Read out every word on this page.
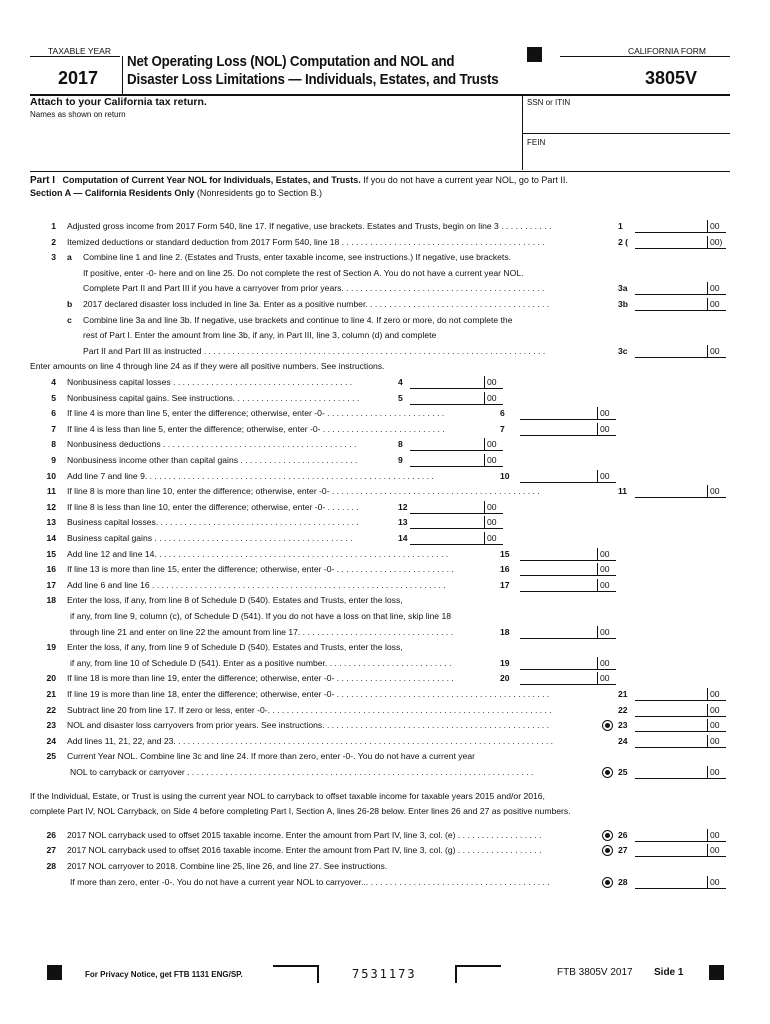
TAXABLE YEAR
2017
Net Operating Loss (NOL) Computation and NOL and
Disaster Loss Limitations — Individuals, Estates, and Trusts
CALIFORNIA FORM
3805V
Attach to your California tax return.
Names as shown on return
SSN or ITIN
FEIN
Part I Computation of Current Year NOL for Individuals, Estates, and Trusts. If you do not have a current year NOL, go to Part II.
Section A — California Residents Only (Nonresidents go to Section B.)
1 Adjusted gross income from 2017 Form 540, line 17. If negative, use brackets. Estates and Trusts, begin on line 3 . . . . . . . . . . .	1	00
2 Itemized deductions or standard deduction from 2017 Form 540, line 18 . . . . . . . . . . . . . . . . . . . . . . . . . . . . . . . . . . . . . . . . . . .	2 (	00)
3 a Combine line 1 and line 2. (Estates and Trusts, enter taxable income, see instructions.) If negative, use brackets.
If positive, enter -0- here and on line 25. Do not complete the rest of Section A. You do not have a current year NOL.
Complete Part II and Part III if you have a carryover from prior years. . . . . . . . . . . . . . . . . . . . . . . . . . . . . . . . . . . . . . . . . . .	3a	00
b 2017 declared disaster loss included in line 3a. Enter as a positive number. . . . . . . . . . . . . . . . . . . . . . . . . . . . . . . . . . . . . . .	3b	00
c Combine line 3a and line 3b. If negative, use brackets and continue to line 4. If zero or more, do not complete the
rest of Part I. Enter the amount from line 3b, if any, in Part III, line 3, column (d) and complete
Part II and Part III as instructed . . . . . . . . . . . . . . . . . . . . . . . . . . . . . . . . . . . . . . . . . . . . . . . . . . . . . . . . . . . . . . . . . . . . . . . .	3c	00
Enter amounts on line 4 through line 24 as if they were all positive numbers. See instructions.
4 Nonbusiness capital losses . . . . . . . . . . . . . . . . . . . . . . . . . . . . . . . . . . . . . .	4	00
5 Nonbusiness capital gains. See instructions. . . . . . . . . . . . . . . . . . . . . . . . . . .	5	00
6 If line 4 is more than line 5, enter the difference; otherwise, enter -0- . . . . . . . . . . . . . . . . . . . . . . . . .	6	00
7 If line 4 is less than line 5, enter the difference; otherwise, enter -0- . . . . . . . . . . . . . . . . . . . . . . . . . .	7	00
8 Nonbusiness deductions . . . . . . . . . . . . . . . . . . . . . . . . . . . . . . . . . . . . . . . . .	8	00
9 Nonbusiness income other than capital gains . . . . . . . . . . . . . . . . . . . . . . . . .	9	00
10 Add line 7 and line 9. . . . . . . . . . . . . . . . . . . . . . . . . . . . . . . . . . . . . . . . . . . . . . . . . . . . . . . . . . . . .	10	00
11 If line 8 is more than line 10, enter the difference; otherwise, enter -0- . . . . . . . . . . . . . . . . . . . . . . . . . . . . . . . . . . . . . . . . . . . .	11	00
12 If line 8 is less than line 10, enter the difference; otherwise, enter -0- . . . . . . .	12	00
13 Business capital losses. . . . . . . . . . . . . . . . . . . . . . . . . . . . . . . . . . . . . . . . . . .	13	00
14 Business capital gains . . . . . . . . . . . . . . . . . . . . . . . . . . . . . . . . . . . . . . . . . .	14	00
15 Add line 12 and line 14. . . . . . . . . . . . . . . . . . . . . . . . . . . . . . . . . . . . . . . . . . . . . . . . . . . . . . . . . . . . . .	15	00
16 If line 13 is more than line 15, enter the difference; otherwise, enter -0- . . . . . . . . . . . . . . . . . . . . . . . . .	16	00
17 Add line 6 and line 16 . . . . . . . . . . . . . . . . . . . . . . . . . . . . . . . . . . . . . . . . . . . . . . . . . . . . . . . . . . . . . .	17	00
18 Enter the loss, if any, from line 8 of Schedule D (540). Estates and Trusts, enter the loss,
if any, from line 9, column (c), of Schedule D (541). If you do not have a loss on that line, skip line 18
through line 21 and enter on line 22 the amount from line 17. . . . . . . . . . . . . . . . . . . . . . . . . . . . . . . . .	18	00
19 Enter the loss, if any, from line 9 of Schedule D (540). Estates and Trusts, enter the loss,
if any, from line 10 of Schedule D (541). Enter as a positive number. . . . . . . . . . . . . . . . . . . . . . . . . . .	19	00
20 If line 18 is more than line 19, enter the difference; otherwise, enter -0- . . . . . . . . . . . . . . . . . . . . . . . . .	20	00
21 If line 19 is more than line 18, enter the difference; otherwise, enter -0- . . . . . . . . . . . . . . . . . . . . . . . . . . . . . . . . . . . . . . . . . . . . .	21	00
22 Subtract line 20 from line 17. If zero or less, enter -0-. . . . . . . . . . . . . . . . . . . . . . . . . . . . . . . . . . . . . . . . . . . . . . . . . . . . . . . . . . . .	22	00
23 NOL and disaster loss carryovers from prior years. See instructions. . . . . . . . . . . . . . . . . . . . . . . . . . . . . . . . . . . . . . . . . . . . . . . .	23	00
24 Add lines 11, 21, 22, and 23. . . . . . . . . . . . . . . . . . . . . . . . . . . . . . . . . . . . . . . . . . . . . . . . . . . . . . . . . . . . . . . . . . . . . . . . . . . . . . . .	24	00
25 Current Year NOL. Combine line 3c and line 24. If more than zero, enter -0-. You do not have a current year
NOL to carryback or carryover . . . . . . . . . . . . . . . . . . . . . . . . . . . . . . . . . . . . . . . . . . . . . . . . . . . . . . . . . . . . . . . . . . . . . . . . .	25	00
If the Individual, Estate, or Trust is using the current year NOL to carryback to offset taxable income for taxable years 2015 and/or 2016,
complete Part IV, NOL Carryback, on Side 4 before completing Part I, Section A, lines 26-28 below. Enter lines 26 and 27 as positive numbers.
26 2017 NOL carryback used to offset 2015 taxable income. Enter the amount from Part IV, line 3, col. (e) . . . . . . . . . . . . . . . . . .	26	00
27 2017 NOL carryback used to offset 2016 taxable income. Enter the amount from Part IV, line 3, col. (g) . . . . . . . . . . . . . . . . . .	27	00
28 2017 NOL carryover to 2018. Combine line 25, line 26, and line 27. See instructions.
If more than zero, enter -0-. You do not have a current year NOL to carryover... . . . . . . . . . . . . . . . . . . . . . . . . . . . . . . . . . . . . . .	28	00
For Privacy Notice, get FTB 1131 ENG/SP.	7531173	FTB 3805V 2017 Side 1
